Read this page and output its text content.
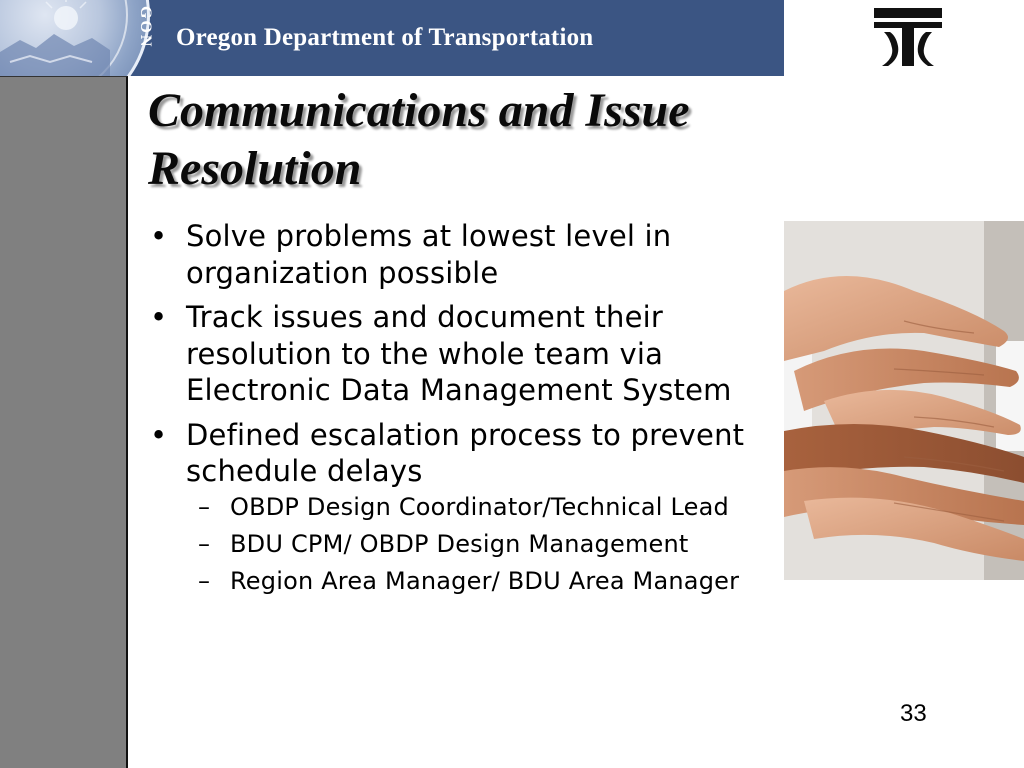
GON Oregon Department of Transportation
Communications and Issue Resolution
• Solve problems at lowest level in organization possible
• Track issues and document their resolution to the whole team via Electronic Data Management System
• Defined escalation process to prevent schedule delays
– OBDP Design Coordinator/Technical Lead
– BDU CPM/ OBDP Design Management
– Region Area Manager/ BDU Area Manager
33
